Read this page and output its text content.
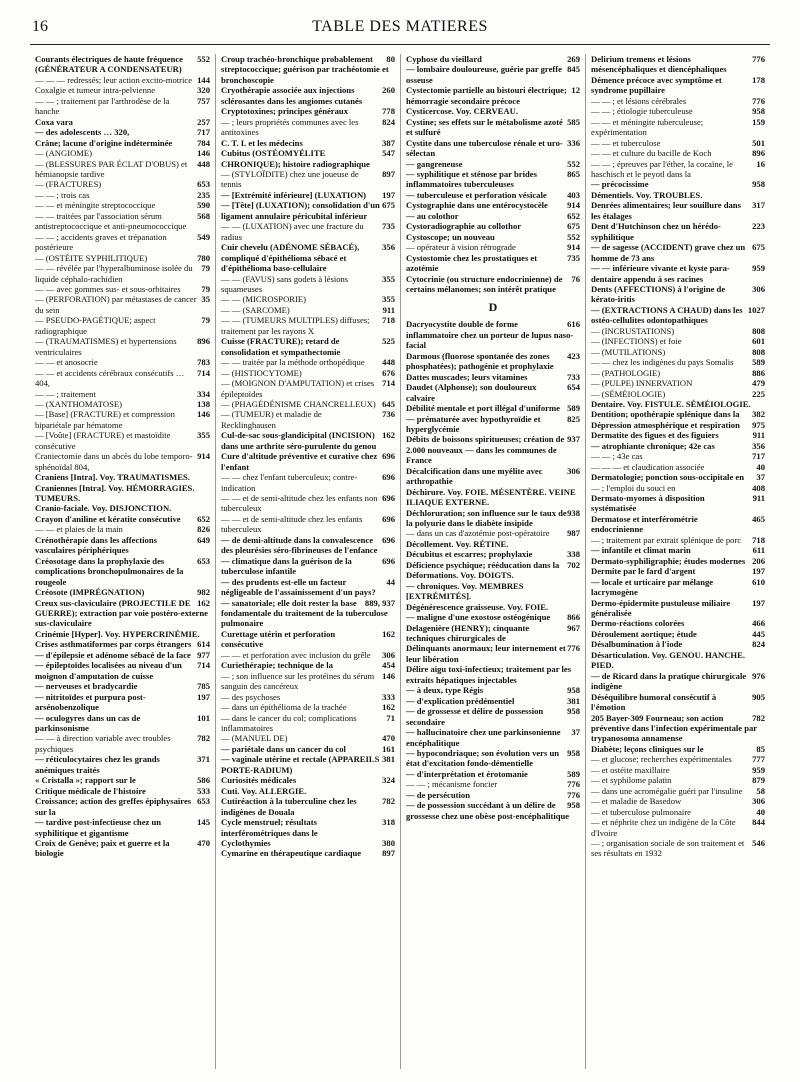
16	TABLE DES MATIERES
552
Courants électriques de haute fréquence (GÉNÉRATEUR A CONDENSATEUR)
144
— — — redressés; leur action excito-motrice
320
Coxalgie et tumeur intra-pelvienne
757
— — ; traitement par l'arthrodèse de la hanche
257
Coxa vara
717
— des adolescents … 320,
784
Crâne; lacune d'origine indéterminée
146
— (ANGIOME)
448
— (BLESSURES PAR ÉCLAT D'OBUS) et hémianopsie tardive
653
— (FRACTURES)
235
— — ; trois cas
590
— — et méningite streptococcique
568
— — traitées par l'association sérum antistreptococcique et anti-pneumococcique
549
— — ; accidents graves et trépanation postérieure
780
— (OSTÉITE SYPHILITIQUE)
79
— — révélée par l'hyperalbuminose isolée du liquide céphalo-rachidien
79
— — avec gommes sus- et sous-orbitaires
35
— (PERFORATION) par métastases de cancer du sein
79
— PSEUDO-PAGÉTIQUE; aspect radiographique
896
— (TRAUMATISMES) et hypertensions ventriculaires
783
— — et anosocrie
714
— — et accidents cérébraux consécutifs … 404,
334
— — ; traitement
138
— (XANTHOMATOSE)
146
— [Base] (FRACTURE) et compression bipariétale par hématome
355
— [Voûte] (FRACTURE) et mastoïdite consécutive
914
Craniectomie dans un abcès du lobe temporo-sphénoïdal 804,
Craniens [Intra]. Voy. TRAUMATISMES.
Craniennes [Intra]. Voy. HÉMORRAGIES. TUMEURS.
Cranio-faciale. Voy. DISJONCTION.
652
Crayon d'aniline et kératite consécutive
826
— — et plaies de la main
649
Crénothérapie dans les affections vasculaires périphériques
653
Créosotage dans la prophylaxie des complications bronchopulmonaires de la rougeole
982
Créosote (IMPRÉGNATION)
162
Creux sus-claviculaire (PROJECTILE DE GUERRE); extraction par voie postéro-externe sus-claviculaire
Crinémie [Hyper]. Voy. HYPERCRINÉMIE.
614
Crises asthmatiformes par corps étrangers
977
— d'épilepsie et adénome sébacé de la face
714
— épileptoïdes localisées au niveau d'un moignon d'amputation de cuisse
785
— nerveuses et bradycardie
197
— nitritoïdes et purpura post-arsénobenzolique
101
— oculogyres dans un cas de parkinsonisme
782
— — à direction variable avec troubles psychiques
371
— réticulocytaires chez les grands anémiques traités
586
« Cristalla »; rapport sur le
533
Critique médicale de l'histoire
653
Croissance; action des greffes épiphysaires sur la
145
— tardive post-infectieuse chez un syphilitique et gigantisme
470
Croix de Genève; paix et guerre et la biologie
80
Croup trachéo-bronchique probablement streptococcique; guérison par trachéotomie et bronchoscopie
260
Cryothérapie associée aux injections sclérosantes dans les angiomes cutanés
778
Cryptotoxines; principes généraux
824
— ; leurs propriétés communes avec les antitoxines
387
C. T. I. et les médecins
547
Cubitus (OSTÉOMYÉLITE CHRONIQUE); histoire radiographique
897
— (STYLOÏDITE) chez une joueuse de tennis
197
— [Extrémité inférieure] (LUXATION)
675
— [Tête] (LUXATION); consolidation d'un ligament annulaire péricubital inférieur
735
— — (LUXATION) avec une fracture du radius
356
Cuir chevelu (ADÉNOME SÉBACÉ), compliqué d'épithélioma sébacé et d'épithélioma baso-cellulaire
355
— — (FAVUS) sans godets à lésions squameuses
355
— — (MICROSPORIE)
911
— — (SARCOME)
718
— — (TUMEURS MULTIPLES) diffuses; traitement par les rayons X
525
Cuisse (FRACTURE); retard de consolidation et sympathectomie
448
— — traitée par la méthode orthopédique
676
— (HISTIOCYTOME)
714
— (MOIGNON D'AMPUTATION) et crises épileptoïdes
645
— (PHAGÉDÉNISME CHANCRELLEUX)
736
— (TUMEUR) et maladie de Recklinghausen
162
Cul-de-sac sous-glandicipital (INCISION) dans une arthrite séro-purulente du genou
696
Cure d'altitude préventive et curative chez l'enfant
696
— — chez l'enfant tuberculeux; contre-indication
696
— — et de semi-altitude chez les enfants non tuberculeux
696
— — et de semi-altitude chez les enfants tuberculeux
696
— de demi-altitude dans la convalescence des pleurésies séro-fibrineuses de l'enfance
696
— climatique dans la guérison de la tuberculose infantile
44
— des prudents est-elle un facteur négligeable de l'assainissement d'un pays?
889, 937
— sanatoriale; elle doit rester la base fondamentale du traitement de la tuberculose pulmonaire
162
Curettage utérin et perforation consécutive
306
— — et perforation avec inclusion du grêle
454
Curiethérapie; technique de la
146
— ; son influence sur les protéines du sérum sanguin des cancéreux
333
— des psychoses
162
— dans un épithélioma de la trachée
71
— dans le cancer du col; complications inflammatoires
470
— (MANUEL DE)
161
— pariétale dans un cancer du col
381
— vaginale utérine et rectale (APPAREILS PORTE-RADIUM)
324
Curiosités médicales
Cuti. Voy. ALLERGIE.
782
Cutiréaction à la tuberculine chez les indigènes de Douala
318
Cycle menstruel; résultats interférométriques dans le
380
Cyclothymies
897
Cymarine en thérapeutique cardiaque
269
Cyphose du vieillard
845
— lombaire douloureuse, guérie par greffe osseuse
12
Cystectomie partielle au bistouri électrique; hémorragie secondaire précoce
Cysticercose. Voy. CERVEAU.
585
Cystine; ses effets sur le métabolisme azoté et sulfuré
336
Cystite dans une tuberculose rénale et uro-sélectan
552
— gangreneuse
865
— syphilitique et sténose par brides inflammatoires tuberculeuses
403
— tuberculeuse et perforation vésicale
914
Cystographie dans une entérocystocèle
652
— au colothor
675
Cystoradiographie au collothor
552
Cystoscope; un nouveau
914
— opérateur à vision rétrograde
735
Cystostomie chez les prostatiques et azotémie
76
Cytocrinie (ou structure endocrinienne) de certains mélanomes; son intérêt pratique
D
616
Dacryocystite double de forme inflammatoire chez un porteur de lupus naso-facial
423
Darmous (fluorose spontanée des zones phosphatées); pathogénie et prophylaxie
733
Dattes muscades; leurs vitamines
654
Daudet (Alphonse); son douloureux calvaire
589
Débilité mentale et port illégal d'uniforme
825
— prématurée avec hypothyroïdie et hyperglycémie
937
Débits de boissons spiritueuses; création de 2.000 nouveaux — dans les communes de France
306
Décalcification dans une myélite avec arthropathie
Déchirure. Voy. FOIE. MÉSENTÈRE. VEINE ILIAQUE EXTERNE.
938
Déchloruration; son influence sur le taux de la polyurie dans le diabète insipide
987
— dans un cas d'azotémie post-opératoire
Décollement. Voy. RÉTINE.
338
Décubitus et escarres; prophylaxie
702
Déficience psychique; rééducation dans la
Déformations. Voy. DOIGTS.
— chroniques. Voy. MEMBRES [EXTRÉMITÉS].
Dégénérescence graisseuse. Voy. FOIE.
866
— maligne d'une exostose ostéogénique
967
Delagenière (HENRY); cinquante techniques chirurgicales de
776
Délinquants anormaux; leur internement et leur libération
Délire aigu toxi-infectieux; traitement par les extraits hépatiques injectables
958
— à deux, type Régis
381
— d'explication prédémentiel
958
— de grossesse et délire de possession secondaire
37
— hallucinatoire chez une parkinsonienne encéphalitique
958
— hypocondriaque; son évolution vers un état d'excitation fondo-démentielle
589
— d'interprétation et érotomanie
776
— — ; mécanisme foncier
776
— de persécution
958
— de possession succédant à un délire de grossesse chez une obèse post-encéphalitique
776
Delirium tremens et lésions mésencéphaliques et diencéphaliques
178
Démence précoce avec symptôme et syndrome pupillaire
776
— — ; et lésions cérébrales
958
— — ; étiologie tuberculeuse
159
— — et méningite tuberculeuse; expérimentation
501
— — et tuberculose
896
— — et culture du bacille de Koch
16
— — ; épreuves par l'éther, la cocaïne, le haschisch et le peyotl dans la
958
— précocissime
Démentiels. Voy. TROUBLES.
317
Denrées alimentaires; leur souillure dans les étalages
223
Dent d'Hutchinson chez un hérédo-syphilitique
675
— de sagesse (ACCIDENT) grave chez un homme de 73 ans
959
— — inférieure vivante et kyste para-dentaire appendu à ses racines
306
Dents (AFFECTIONS) à l'origine de kérato-iritis
1027
— (EXTRACTIONS A CHAUD) dans les ostéo-cellulites odontopathiques
808
— (INCRUSTATIONS)
601
— (INFECTIONS) et foie
808
— (MUTILATIONS)
589
— — chez les indigènes du pays Somalis
886
— (PATHOLOGIE)
479
— (PULPE) INNERVATION
225
— (SÉMÉIOLOGIE)
Dentaire. Voy. FISTULE. SÉMÉIOLOGIE.
382
Dentition; opothérapie splénique dans la
975
Dépression atmosphérique et respiration
911
Dermatite des figues et des figuiers
356
— atrophiante chronique; 42e cas
717
— — ; 43e cas
40
— — — et claudication associée
37
Dermatologie; ponction sous-occipitale en
408
— ; l'emploi du souci en
911
Dermato-myomes à disposition systématisée
465
Dermatose et interférométrie endocrinienne
718
— ; traitement par extrait splénique de porc
611
— infantile et climat marin
206
Dermato-syphiligraphie; études modernes
197
Dermite par le fard d'argent
610
— locale et urticaire par mélange lacrymogène
197
Dermo-épidermite pustuleuse miliaire généralisée
466
Dermo-réactions colorées
445
Déroulement aortique; étude
824
Désalbumination à l'iode
Désarticulation. Voy. GENOU. HANCHE. PIED.
976
— de Ricard dans la pratique chirurgicale indigène
905
Déséquilibre humoral consécutif à l'émotion
782
205 Bayer-309 Fourneau; son action préventive dans l'infection expérimentale par trypanosoma annamense
85
Diabète; leçons cliniques sur le
777
— et glucose; recherches expérimentales
959
— et ostéite maxillaire
879
— et syphilome palatin
58
— dans une acromégalie guéri par l'insuline
306
— et maladie de Basedow
40
— et tuberculose pulmonaire
844
— et néphrite chez un indigène de la Côte d'Ivoire
546
— ; organisation sociale de son traitement et ses résultats en 1932
